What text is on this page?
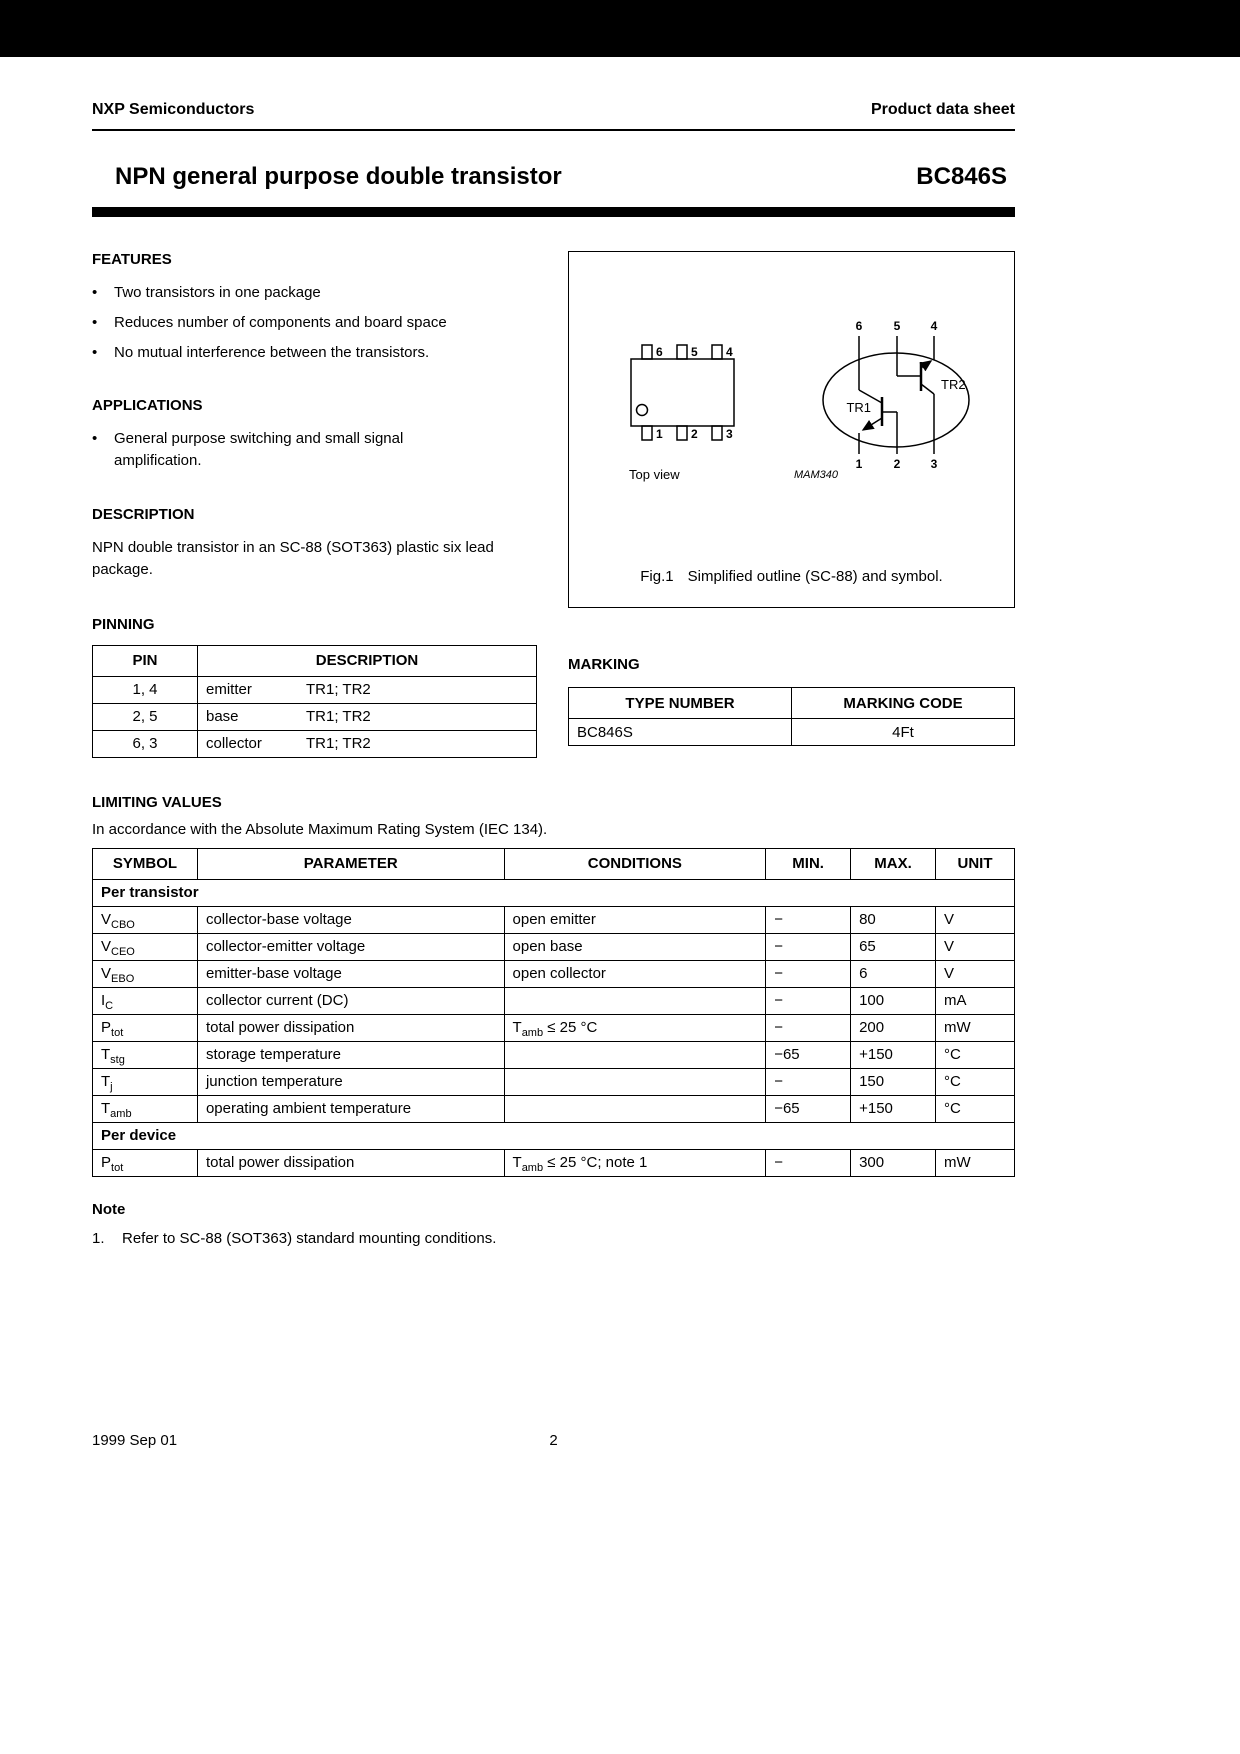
NXP Semiconductors	Product data sheet
NPN general purpose double transistor	BC846S
FEATURES
•	Two transistors in one package
•	Reduces number of components and board space
•	No mutual interference between the transistors.
APPLICATIONS
•	General purpose switching and small signal amplification.
DESCRIPTION

NPN double transistor in an SC-88 (SOT363) plastic six lead package.

PINNING
PIN	DESCRIPTION
1, 4	emitter TR1; TR2
2, 5	base TR1; TR2
6, 3	collector TR1; TR2
6 5 4
1 2 3
Top view
6	5	4
1	2	3
TR1
TR2
MAM340
Fig.1 Simplified outline (SC-88) and symbol.
MARKING
TYPE NUMBER	MARKING CODE
BC846S	4Ft
LIMITING VALUES

In accordance with the Absolute Maximum Rating System (IEC 134).

SYMBOL	PARAMETER	CONDITIONS	MIN.	MAX.	UNIT
Per transistor					
$V_{CBO}$	collector-base voltage	open emitter	−	80	V
$V_{CEO}$	collector-emitter voltage	open base	−	65	V
$V_{EBO}$	emitter-base voltage	open collector	−	6	V
$I_C$	collector current (DC)		−	100	mA
$P_{tot}$	total power dissipation	$T_{amb} \le 25$ °C	−	200	mW
$T_{stg}$	storage temperature		−65	+150	°C
$T_j$	junction temperature		−	150	°C
$T_{amb}$	operating ambient temperature		−65	+150	°C
Per device					
$P_{tot}$	total power dissipation	$T_{amb} \le 25$ °C; note 1	−	300	mW
Note
1.	Refer to SC-88 (SOT363) standard mounting conditions.
1999 Sep 01	2
